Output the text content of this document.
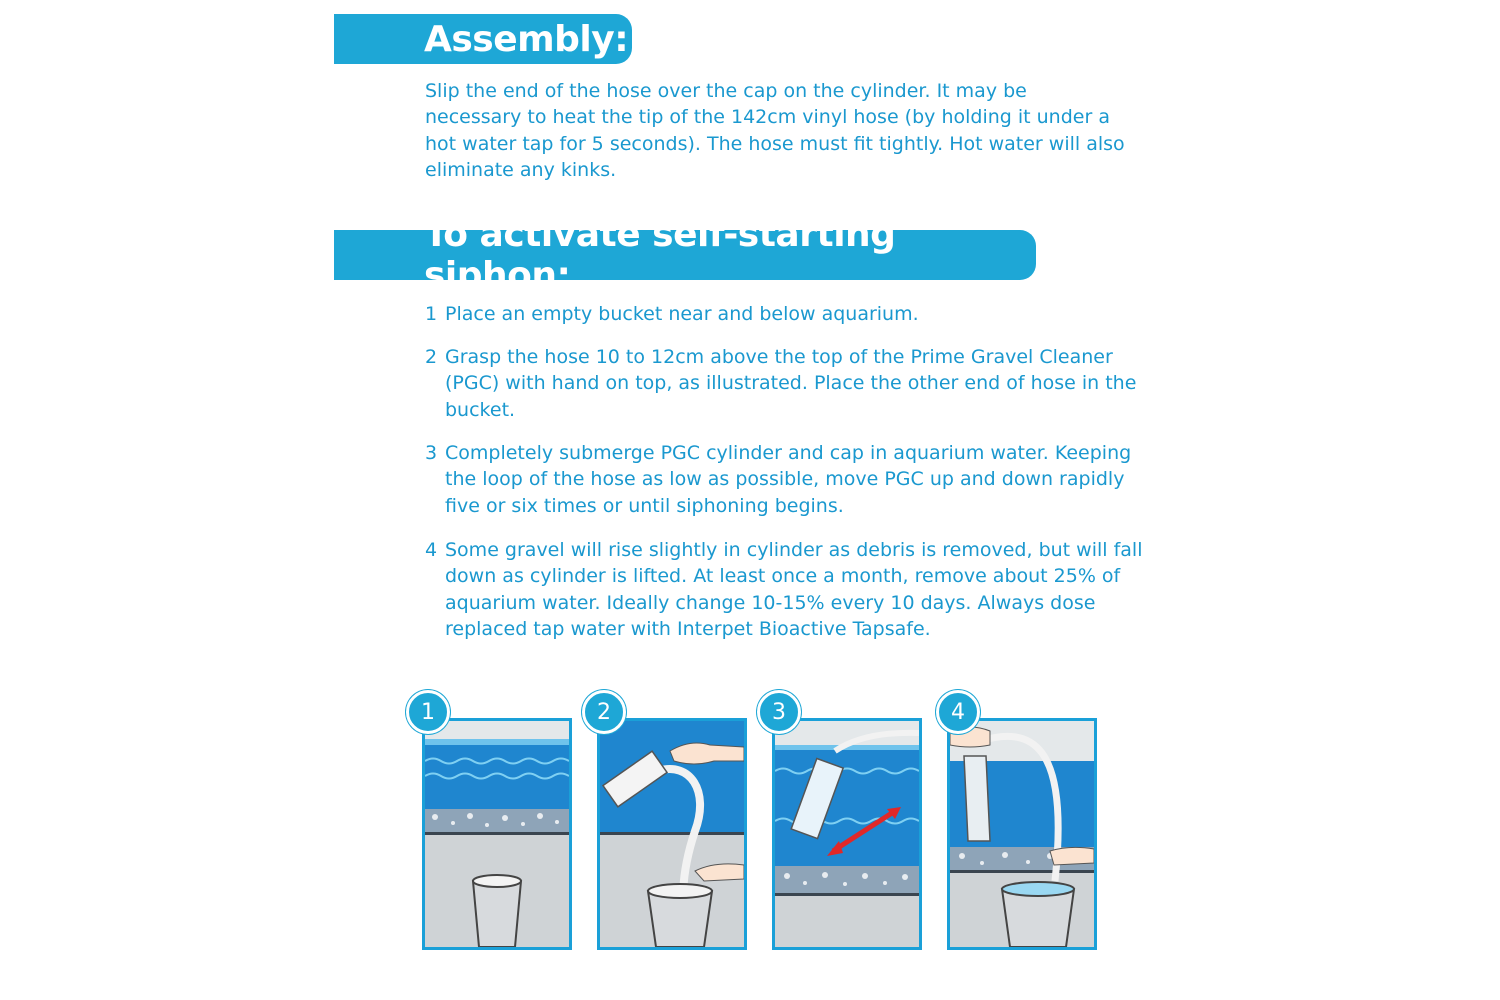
Assembly:

Slip the end of the hose over the cap on the cylinder. It may be necessary to heat the tip of the 142cm vinyl hose (by holding it under a hot water tap for 5 seconds). The hose must fit tightly. Hot water will also eliminate any kinks.

To activate self-starting siphon:
1 Place an empty bucket near and below aquarium.
2 Grasp the hose 10 to 12cm above the top of the Prime Gravel Cleaner (PGC) with hand on top, as illustrated. Place the other end of hose in the bucket.
3 Completely submerge PGC cylinder and cap in aquarium water. Keeping the loop of the hose as low as possible, move PGC up and down rapidly five or six times or until siphoning begins.
4 Some gravel will rise slightly in cylinder as debris is removed, but will fall down as cylinder is lifted. At least once a month, remove about 25% of aquarium water. Ideally change 10-15% every 10 days. Always dose replaced tap water with Interpet Bioactive Tapsafe.
1	2	3	4
